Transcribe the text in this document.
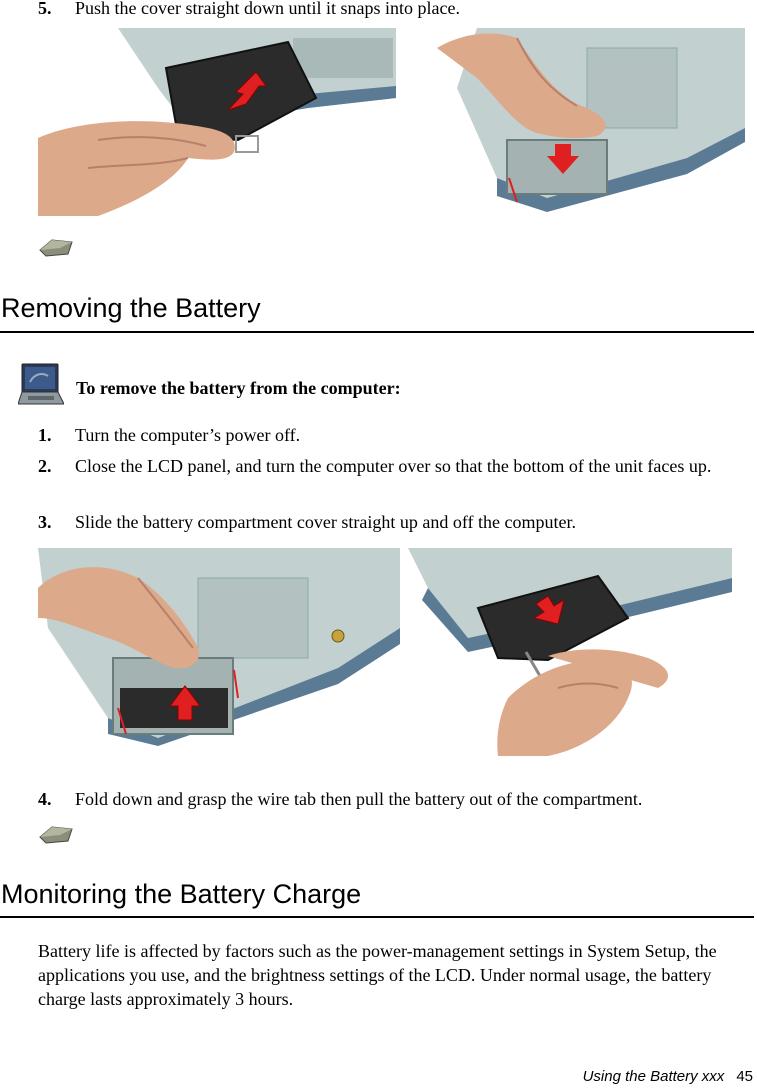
5. Push the cover straight down until it snaps into place.
Removing the Battery
To remove the battery from the computer:
1. Turn the computer’s power off.
2. Close the LCD panel, and turn the computer over so that the bottom of the unit faces up.
3. Slide the battery compartment cover straight up and off the computer.
4. Fold down and grasp the wire tab then pull the battery out of the compartment.
Monitoring the Battery Charge
Battery life is affected by factors such as the power-management settings in System Setup, the applications you use, and the brightness settings of the LCD. Under normal usage, the battery charge lasts approximately 3 hours.
Using the Battery xxx 45
